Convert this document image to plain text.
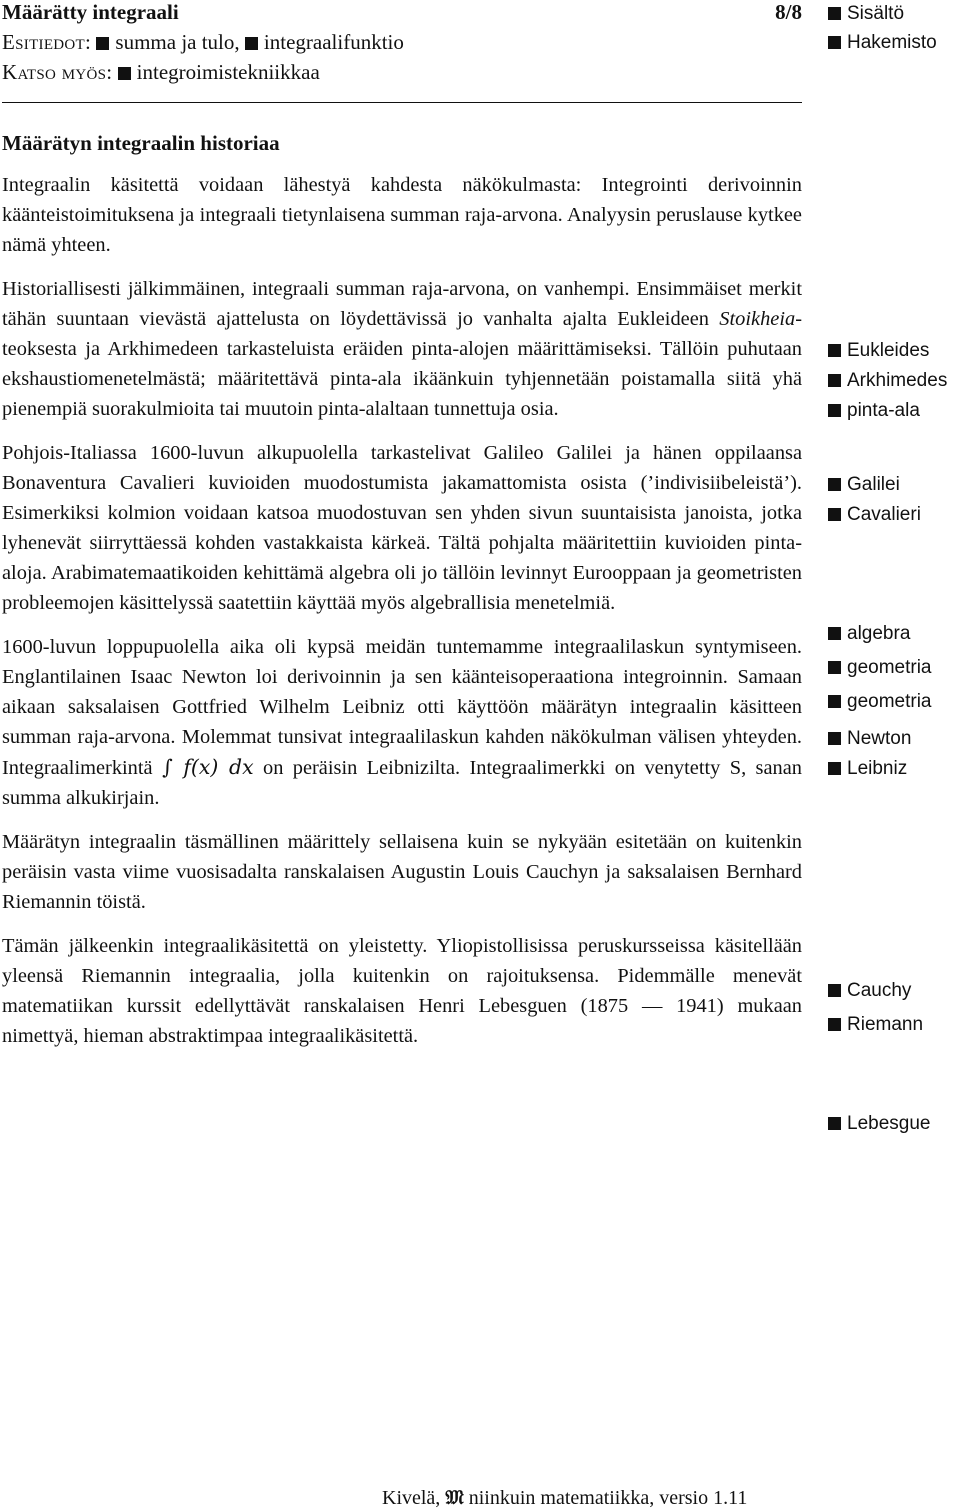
Määrätty integraali	8/8
Esitiedot: summa ja tulo, integraalifunktio
Katso myös: integroimistekniikkaa
Määrätyn integraalin historiaa

Integraalin käsitettä voidaan lähestyä kahdesta näkökulmasta: Integrointi derivoinnin käänteistoimituksena ja integraali tietynlaisena summan raja-arvona. Analyysin peruslause kytkee nämä yhteen.

Historiallisesti jälkimmäinen, integraali summan raja-arvona, on vanhempi. Ensimmäiset merkit tähän suuntaan vievästä ajattelusta on löydettävissä jo vanhalta ajalta Eukleideen Stoikheia-teoksesta ja Arkhimedeen tarkasteluista eräiden pinta-alojen määrittämiseksi. Tällöin puhutaan ekshaustiomenetelmästä; määritettävä pinta-ala ikäänkuin tyhjennetään poistamalla siitä yhä pienempiä suorakulmioita tai muutoin pinta-alaltaan tunnettuja osia.

Pohjois-Italiassa 1600-luvun alkupuolella tarkastelivat Galileo Galilei ja hänen oppilaansa Bonaventura Cavalieri kuvioiden muodostumista jakamattomista osista (’indivisiibeleistä’). Esimerkiksi kolmion voidaan katsoa muodostuvan sen yhden sivun suuntaisista janoista, jotka lyhenevät siirryttäessä kohden vastakkaista kärkeä. Tältä pohjalta määritettiin kuvioiden pinta-aloja. Arabimatemaatikoiden kehittämä algebra oli jo tällöin levinnyt Eurooppaan ja geometristen probleemojen käsittelyssä saatettiin käyttää myös algebrallisia menetelmiä.

1600-luvun loppupuolella aika oli kypsä meidän tuntemamme integraalilaskun syntymiseen. Englantilainen Isaac Newton loi derivoinnin ja sen käänteisoperaationa integroinnin. Samaan aikaan saksalaisen Gottfried Wilhelm Leibniz otti käyttöön määrätyn integraalin käsitteen summan raja-arvona. Molemmat tunsivat integraalilaskun kahden näkökulman välisen yhteyden. Integraalimerkintä ∫ f(x) dx on peräisin Leibnizilta. Integraalimerkki on venytetty S, sanan summa alkukirjain.

Määrätyn integraalin täsmällinen määrittely sellaisena kuin se nykyään esitetään on kuitenkin peräisin vasta viime vuosisadalta ranskalaisen Augustin Louis Cauchyn ja saksalaisen Bernhard Riemannin töistä.

Tämän jälkeenkin integraalikäsitettä on yleistetty. Yliopistollisissa peruskursseissa käsitellään yleensä Riemannin integraalia, jolla kuitenkin on rajoituksensa. Pidemmälle menevät matematiikan kurssit edellyttävät ranskalaisen Henri Lebesguen (1875 — 1941) mukaan nimettyä, hieman abstraktimpaa integraalikäsitettä.

Sisältö
Hakemisto
Eukleides
Arkhimedes
pinta-ala
Galilei
Cavalieri
algebra
geometria
geometria
Newton
Leibniz
Cauchy
Riemann
Lebesgue
Kivelä, 𝔐 niinkuin matematiikka, versio 1.11
